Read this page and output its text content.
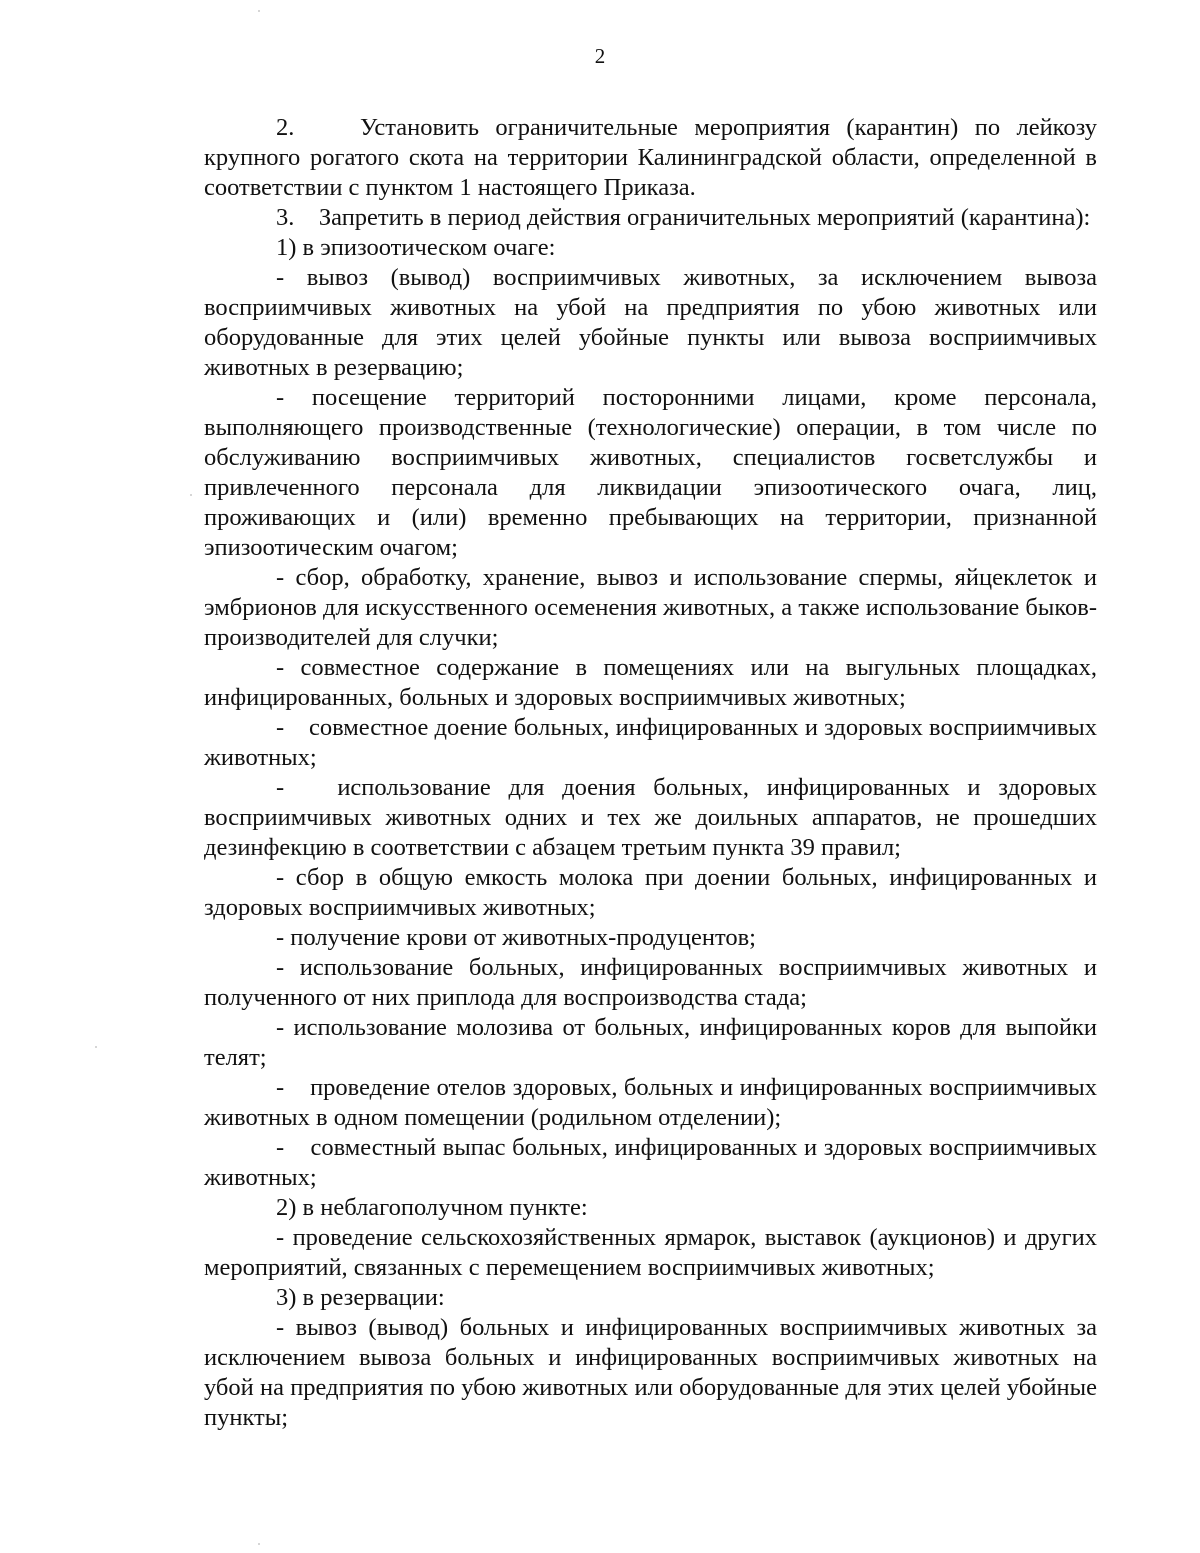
2

2.    Установить ограничительные мероприятия (карантин) по лейкозу крупного рогатого скота на территории Калининградской области, определенной в соответствии с пунктом 1 настоящего Приказа.

3.    Запретить в период действия ограничительных мероприятий (карантина):

1) в эпизоотическом очаге:

- вывоз (вывод) восприимчивых животных, за исключением вывоза восприимчивых животных на убой на предприятия по убою животных или оборудованные для этих целей убойные пункты или вывоза восприимчивых животных в резервацию;

- посещение территорий посторонними лицами, кроме персонала, выполняющего производственные (технологические) операции, в том числе по обслуживанию восприимчивых животных, специалистов госветслужбы и привлеченного персонала для ликвидации эпизоотического очага, лиц, проживающих и (или) временно пребывающих на территории, признанной эпизоотическим очагом;

- сбор, обработку, хранение, вывоз и использование спермы, яйцеклеток и эмбрионов для искусственного осеменения животных, а также использование быков-производителей для случки;

- совместное содержание в помещениях или на выгульных площадках, инфицированных, больных и здоровых восприимчивых животных;

-    совместное доение больных, инфицированных и здоровых восприимчивых животных;

-   использование для доения больных, инфицированных и здоровых восприимчивых животных одних и тех же доильных аппаратов, не прошедших дезинфекцию в соответствии с абзацем третьим пункта 39 правил;

- сбор в общую емкость молока при доении больных, инфицированных и здоровых восприимчивых животных;

- получение крови от животных-продуцентов;

- использование больных, инфицированных восприимчивых животных и полученного от них приплода для воспроизводства стада;

- использование молозива от больных, инфицированных коров для выпойки телят;

-    проведение отелов здоровых, больных и инфицированных восприимчивых животных в одном помещении (родильном отделении);

-    совместный выпас больных, инфицированных и здоровых восприимчивых животных;

2) в неблагополучном пункте:

- проведение сельскохозяйственных ярмарок, выставок (аукционов) и других мероприятий, связанных с перемещением восприимчивых животных;

3) в резервации:

- вывоз (вывод) больных и инфицированных восприимчивых животных за исключением вывоза больных и инфицированных восприимчивых животных на убой на предприятия по убою животных или оборудованные для этих целей убойные пункты;
